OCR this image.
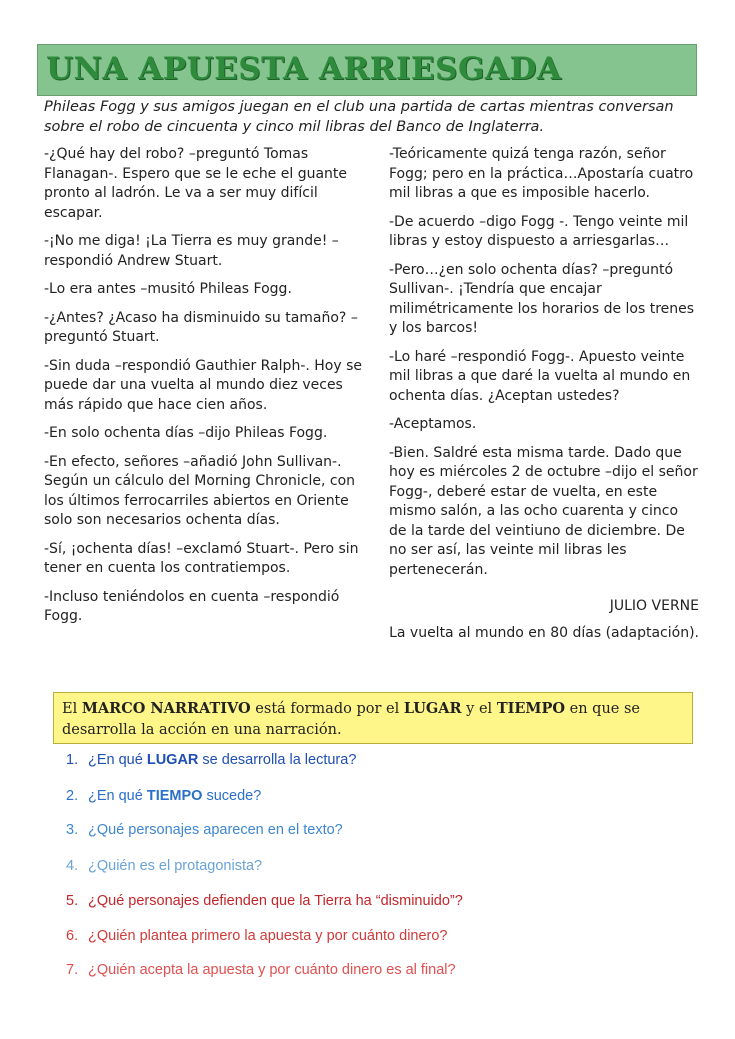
UNA APUESTA ARRIESGADA
Phileas Fogg y sus amigos juegan en el club una partida de cartas mientras conversan sobre el robo de cincuenta y cinco mil libras del Banco de Inglaterra.

-¿Qué hay del robo? –preguntó Tomas Flanagan-. Espero que se le eche el guante pronto al ladrón. Le va a ser muy difícil escapar.

-¡No me diga! ¡La Tierra es muy grande! –respondió Andrew Stuart.

-Lo era antes –musitó Phileas Fogg.

-¿Antes? ¿Acaso ha disminuido su tamaño? –preguntó Stuart.

-Sin duda –respondió Gauthier Ralph-. Hoy se puede dar una vuelta al mundo diez veces más rápido que hace cien años.

-En solo ochenta días –dijo Phileas Fogg.

-En efecto, señores –añadió John Sullivan-. Según un cálculo del Morning Chronicle, con los últimos ferrocarriles abiertos en Oriente solo son necesarios ochenta días.

-Sí, ¡ochenta días! –exclamó Stuart-. Pero sin tener en cuenta los contratiempos.

-Incluso teniéndolos en cuenta –respondió Fogg.

-Teóricamente quizá tenga razón, señor Fogg; pero en la práctica…Apostaría cuatro mil libras a que es imposible hacerlo.

-De acuerdo –digo Fogg -. Tengo veinte mil libras y estoy dispuesto a arriesgarlas…

-Pero…¿en solo ochenta días? –preguntó Sullivan-. ¡Tendría que encajar milimétricamente los horarios de los trenes y los barcos!

-Lo haré –respondió Fogg-. Apuesto veinte mil libras a que daré la vuelta al mundo en ochenta días. ¿Aceptan ustedes?

-Aceptamos.

-Bien. Saldré esta misma tarde. Dado que hoy es miércoles 2 de octubre –dijo el señor Fogg-, deberé estar de vuelta, en este mismo salón, a las ocho cuarenta y cinco de la tarde del veintiuno de diciembre. De no ser así, las veinte mil libras les pertenecerán.

JULIO VERNE
La vuelta al mundo en 80 días (adaptación).
El MARCO NARRATIVO está formado por el LUGAR y el TIEMPO en que se desarrolla la acción en una narración.
1. ¿En qué LUGAR se desarrolla la lectura?
2. ¿En qué TIEMPO sucede?
3. ¿Qué personajes aparecen en el texto?
4. ¿Quién es el protagonista?
5. ¿Qué personajes defienden que la Tierra ha “disminuido”?
6. ¿Quién plantea primero la apuesta y por cuánto dinero?
7. ¿Quién acepta la apuesta y por cuánto dinero es al final?
